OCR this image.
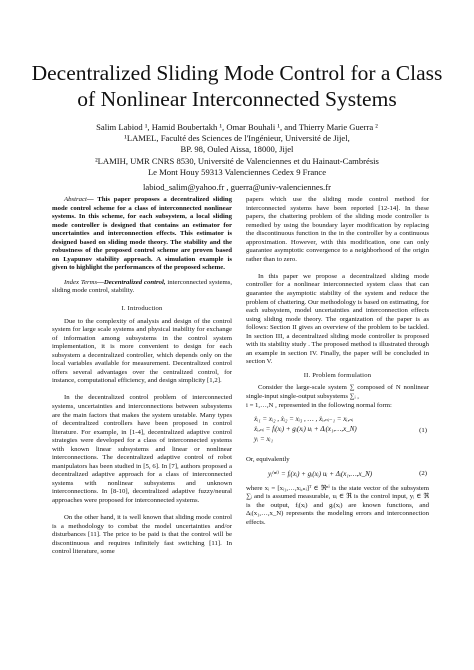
Decentralized Sliding Mode Control for a Class
of Nonlinear Interconnected Systems
Salim Labiod ¹, Hamid Boubertakh ¹, Omar Bouhali ¹, and Thierry Marie Guerra ²
¹LAMEL, Faculté des Sciences de l'Ingénieur, Université de Jijel,
BP. 98, Ouled Aissa, 18000, Jijel
²LAMIH, UMR CNRS 8530, Université de Valenciennes et du Hainaut-Cambrésis
Le Mont Houy 59313 Valenciennes Cedex 9 France
labiod_salim@yahoo.fr , guerra@univ-valenciennes.fr

Abstract— This paper proposes a decentralized sliding mode control scheme for a class of interconnected nonlinear systems. In this scheme, for each subsystem, a local sliding mode controller is designed that contains an estimator for uncertainties and interconnection effects. This estimator is designed based on sliding mode theory. The stability and the robustness of the proposed control scheme are proven based on Lyapunov stability approach. A simulation example is given to highlight the performances of the proposed scheme.

Index Terms—Decentralized control, interconnected systems, sliding mode control, stability.

I. Introduction

Due to the complexity of analysis and design of the control system for large scale systems and physical inability for exchange of information among subsystems in the control system implementation, it is more convenient to design for each subsystem a decentralized controller, which depends only on the local variables available for measurement. Decentralized control offers several advantages over the centralized control, for instance, computational efficiency, and design simplicity [1,2].

In the decentralized control problem of interconnected systems, uncertainties and interconnections between subsystems are the main factors that makes the system unstable. Many types of decentralized controllers have been proposed in control literature. For example, in [1-4], decentralized adaptive control strategies were developed for a class of interconnected systems with known linear subsystems and linear or nonlinear interconnections. The decentralized adaptive control of robot manipulators has been studied in [5, 6]. In [7], authors proposed a decentralized adaptive approach for a class of interconnected systems with nonlinear subsystems and unknown interconnections. In [8-10], decentralized adaptive fuzzy/neural approaches were proposed for interconnected systems.

On the other hand, it is well known that sliding mode control is a methodology to combat the model uncertainties and/or disturbances [11]. The price to be paid is that the control will be discontinuous and requires infinitely fast switching [11]. In control literature, some

papers which use the sliding mode control method for interconnected systems have been reported [12-14]. In these papers, the chattering problem of the sliding mode controller is remedied by using the boundary layer modification by replacing the discontinuous function in the in the controller by a continuous approximation. However, with this modification, one can only guarantee asymptotic convergence to a neighborhood of the origin rather than to zero.

In this paper we propose a decentralized sliding mode controller for a nonlinear interconnected system class that can guarantee the asymptotic stability of the system and reduce the problem of chattering. Our methodology is based on estimating, for each subsystem, model uncertainties and interconnection effects using sliding mode theory. The organization of the paper is as follows: Section II gives an overview of the problem to be tackled. In section III, a decentralized sliding mode controller is proposed with its stability study . The proposed method is illustrated through an example in section IV. Finally, the paper will be concluded in section V.

II. Problem formulation

Consider the large-scale system ∑ composed of N nonlinear single-input single-output subsystems ∑ᵢ ,

i = 1,…,N , represented in the following normal form:

ẋᵢ₁ = xᵢ₂ , ẋᵢ₂ = xᵢ₃ , … , ẋᵢ,ₙᵢ₋₁ = xᵢ,ₙᵢ
ẋᵢ,ₙᵢ = fᵢ(xᵢ) + gᵢ(xᵢ) uᵢ + Δᵢ(x₁,…,x_N)
yᵢ = xᵢ₁
(1)

Or, equivalently

yᵢ⁽ⁿⁱ⁾ = fᵢ(xᵢ) + gᵢ(xᵢ) uᵢ + Δᵢ(x₁,…,x_N)	(2)

where xᵢ = [xᵢ₁,…,xᵢ,ₙᵢ]ᵀ ∈ ℜⁿⁱ is the state vector of the subsystem ∑ᵢ and is assumed measurable, uᵢ ∈ ℜ is the control input, yᵢ ∈ ℜ is the output, fᵢ(xᵢ) and gᵢ(xᵢ) are known functions, and Δᵢ(x₁,…,x_N) represents the modeling errors and interconnection effects.
